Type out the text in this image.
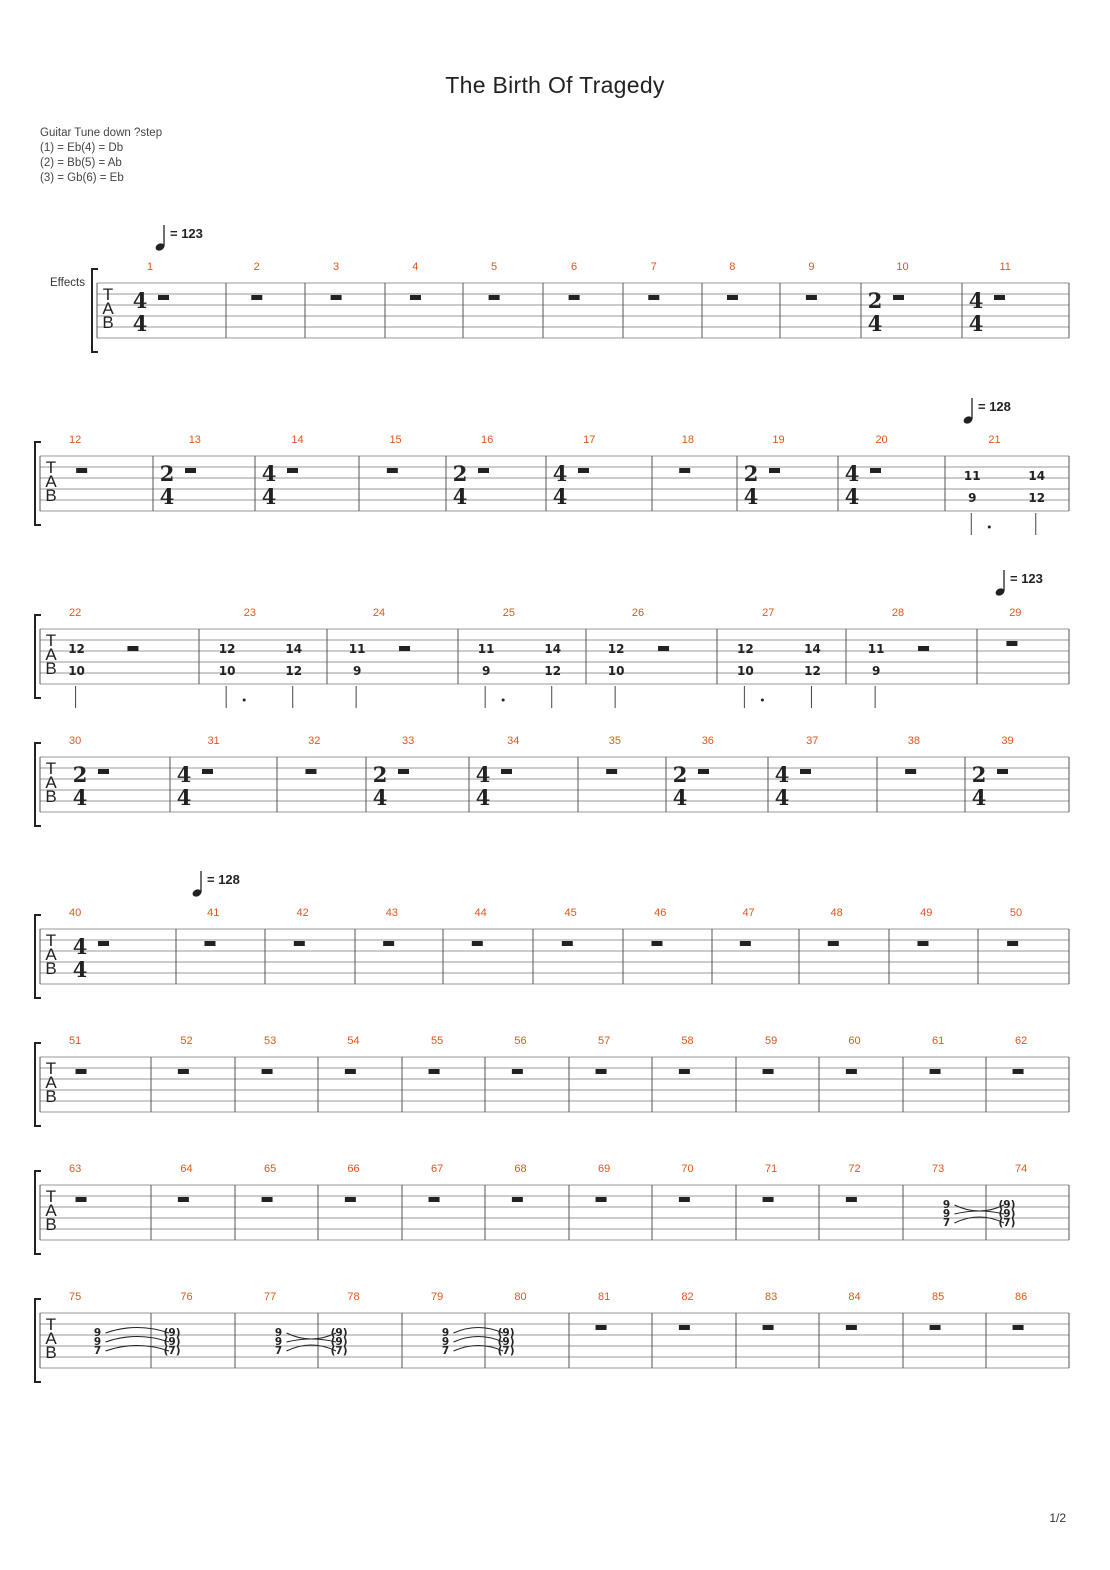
The Birth Of Tragedy
Guitar Tune down ?step
(1) = Eb(4) = Db
(2) = Bb(5) = Ab
(3) = Gb(6) = Eb
Effects
= 123
= 128
= 123
= 128
T
A
B
1
4
4
2	3	4	5	6	7	8	9	10
2
4
11
4
4
T
A
B
12	13
2
4
14
4
4
15	16
2
4
17
4
4
18	19
2
4
20
4
4
21
11
9
14
12
T
A
B
22
12
10
23
12
10
14
12
24
11
9
25
11
9
14
12
26
12
10
27
12
10
14
12
28
11
9
29
T
A
B
30
2
4
31
4
4
32	33
2
4
34
4
4
35	36
2
4
37
4
4
38	39
2
4
T
A
B
40
4
4
41	42	43	44	45	46	47	48	49	50
T
A
B
51	52	53	54	55	56	57	58	59	60	61	62
T
A
B
63	64	65	66	67	68	69	70	71	72	73
9
9
7
74
(9)
(9)
(7)
T
A
B
75
9
9
7
76
(9)
(9)
(7)
77
9
9
7
78
(9)
(9)
(7)
79
9
9
7
80
(9)
(9)
(7)
81	82	83	84	85	86
1/2
